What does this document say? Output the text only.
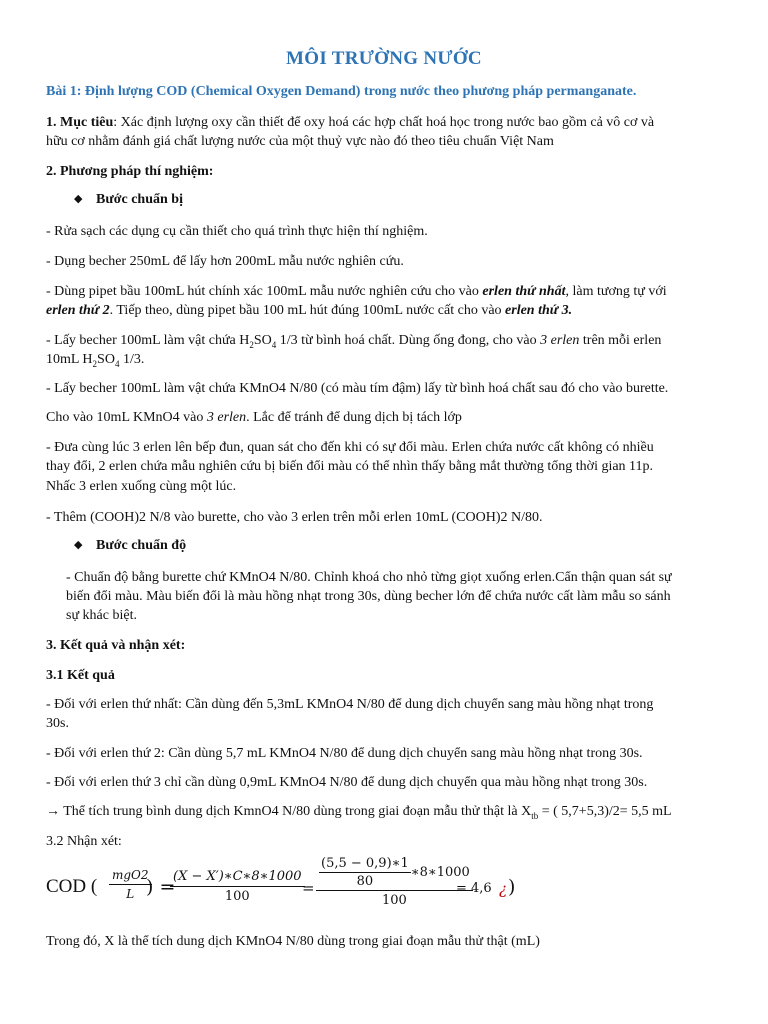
MÔI TRƯỜNG NƯỚC
Bài 1: Định lượng COD (Chemical Oxygen Demand) trong nước theo phương pháp permanganate.
1. Mục tiêu: Xác định lượng oxy cần thiết để oxy hoá các hợp chất hoá học trong nước bao gồm cả vô cơ và
hữu cơ nhằm đánh giá chất lượng nước của một thuỷ vực nào đó theo tiêu chuẩn Việt Nam
2. Phương pháp thí nghiệm:
◆ Bước chuẩn bị
- Rửa sạch các dụng cụ cần thiết cho quá trình thực hiện thí nghiệm.
- Dụng becher 250mL để lấy hơn 200mL mẫu nước nghiên cứu.
- Dùng pipet bầu 100mL hút chính xác 100mL mẫu nước nghiên cứu cho vào erlen thứ nhất, làm tương tự với
erlen thứ 2. Tiếp theo, dùng pipet bầu 100 mL hút đúng 100mL nước cất cho vào erlen thứ 3.
- Lấy becher 100mL làm vật chứa $H_2SO_4$ 1/3 từ bình hoá chất. Dùng ống đong, cho vào 3 erlen trên mỗi erlen
10mL $H_2SO_4$ 1/3.
- Lấy becher 100mL làm vật chứa KMnO4 N/80 (có màu tím đậm) lấy từ bình hoá chất sau đó cho vào burette.
Cho vào 10mL KMnO4 vào 3 erlen. Lắc để tránh để dung dịch bị tách lớp
- Đưa cùng lúc 3 erlen lên bếp đun, quan sát cho đến khi có sự đổi màu. Erlen chứa nước cất không có nhiều
thay đổi, 2 erlen chứa mẫu nghiên cứu bị biến đổi màu có thể nhìn thấy bằng mắt thường tổng thời gian 11p.
Nhấc 3 erlen xuống cùng một lúc.
- Thêm (COOH)2 N/8 vào burette, cho vào 3 erlen trên mỗi erlen 10mL (COOH)2 N/80.
◆ Bước chuẩn độ
- Chuẩn độ bằng burette chứ KMnO4 N/80. Chỉnh khoá cho nhỏ từng giọt xuống erlen.Cẩn thận quan sát sự
biến đổi màu. Màu biến đổi là màu hồng nhạt trong 30s, dùng becher lớn để chứa nước cất làm mẫu so sánh
sự khác biệt.
3. Kết quả và nhận xét:
3.1 Kết quả
- Đối với erlen thứ nhất: Cần dùng đến 5,3mL KMnO4 N/80 để dung dịch chuyển sang màu hồng nhạt trong
30s.
- Đối với erlen thứ 2: Cần dùng 5,7 mL KMnO4 N/80 để dung dịch chuyển sang màu hồng nhạt trong 30s.
- Đối với erlen thứ 3 chỉ cần dùng 0,9mL KMnO4 N/80 để dung dịch chuyển qua màu hồng nhạt trong 30s.
→ Thể tích trung bình dung dịch KmnO4 N/80 dùng trong giai đoạn mẫu thử thật là $X_{tb}$ = ( 5,7+5,3)/2= 5,5 mL
3.2 Nhận xét:
COD (
mgO2
L ) =
$\frac{(X - X')∗C∗8∗1000}{100}$
= $\frac{\frac{(5,5 - 0,9)∗1}{80} ∗8∗1000}{100}$
= 4,6 ¿ )
Trong đó, X là thể tích dung dịch KMnO4 N/80 dùng trong giai đoạn mẫu thử thật (mL)
